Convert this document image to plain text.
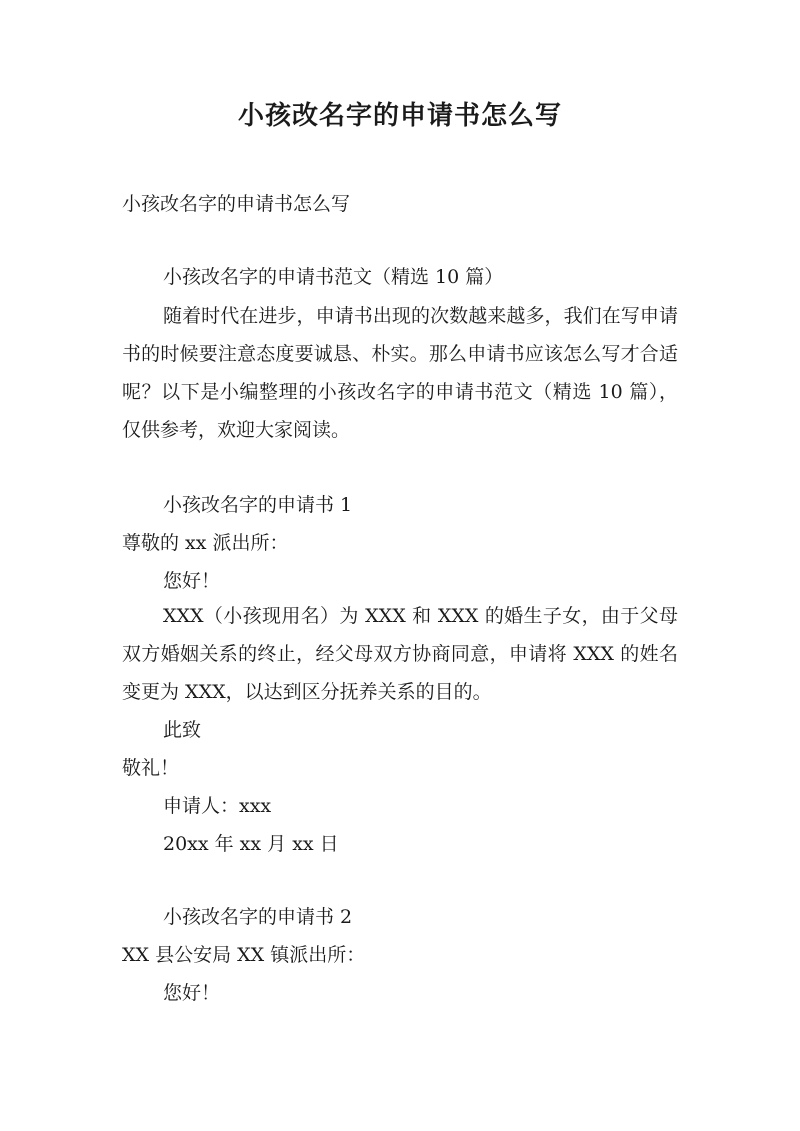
小孩改名字的申请书怎么写
小孩改名字的申请书怎么写
小孩改名字的申请书范文（精选 10 篇）
随着时代在进步，申请书出现的次数越来越多，我们在写申请书的时候要注意态度要诚恳、朴实。那么申请书应该怎么写才合适呢？以下是小编整理的小孩改名字的申请书范文（精选 10 篇），仅供参考，欢迎大家阅读。
小孩改名字的申请书 1
尊敬的 xx 派出所：
您好！
XXX（小孩现用名）为 XXX 和 XXX 的婚生子女，由于父母双方婚姻关系的终止，经父母双方协商同意，申请将 XXX 的姓名变更为 XXX，以达到区分抚养关系的目的。
此致
敬礼！
申请人：xxx
20xx 年 xx 月 xx 日
小孩改名字的申请书 2
XX 县公安局 XX 镇派出所：
您好！
